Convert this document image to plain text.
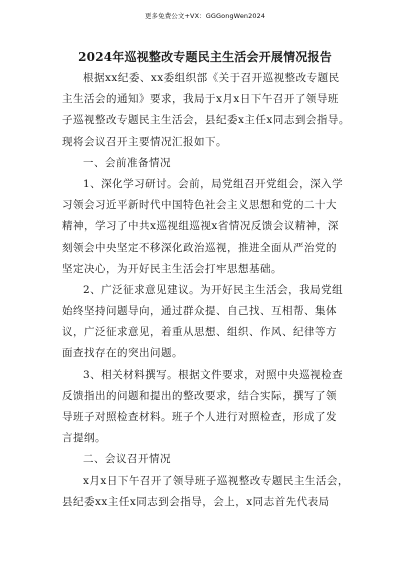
更多免费公文+VX：GGGongWen2024
2024年巡视整改专题民主生活会开展情况报告
根据xx纪委、xx委组织部《关于召开巡视整改专题民
主生活会的通知》要求，我局于x月x日下午召开了领导班
子巡视整改专题民主生活会，县纪委x主任x同志到会指导。
现将会议召开主要情况汇报如下。
一、会前准备情况
1、深化学习研讨。会前，局党组召开党组会，深入学
习领会习近平新时代中国特色社会主义思想和党的二十大
精神，学习了中共x巡视组巡视x省情况反馈会议精神，深
刻领会中央坚定不移深化政治巡视，推进全面从严治党的
坚定决心，为开好民主生活会打牢思想基础。
2、广泛征求意见建议。为开好民主生活会，我局党组
始终坚持问题导向，通过群众提、自己找、互相帮、集体
议，广泛征求意见，着重从思想、组织、作风、纪律等方
面查找存在的突出问题。
3、相关材料撰写。根据文件要求，对照中央巡视检查
反馈指出的问题和提出的整改要求，结合实际，撰写了领
导班子对照检查材料。班子个人进行对照检查，形成了发
言提纲。
二、会议召开情况
x月x日下午召开了领导班子巡视整改专题民主生活会，
县纪委xx主任x同志到会指导，会上，x同志首先代表局
